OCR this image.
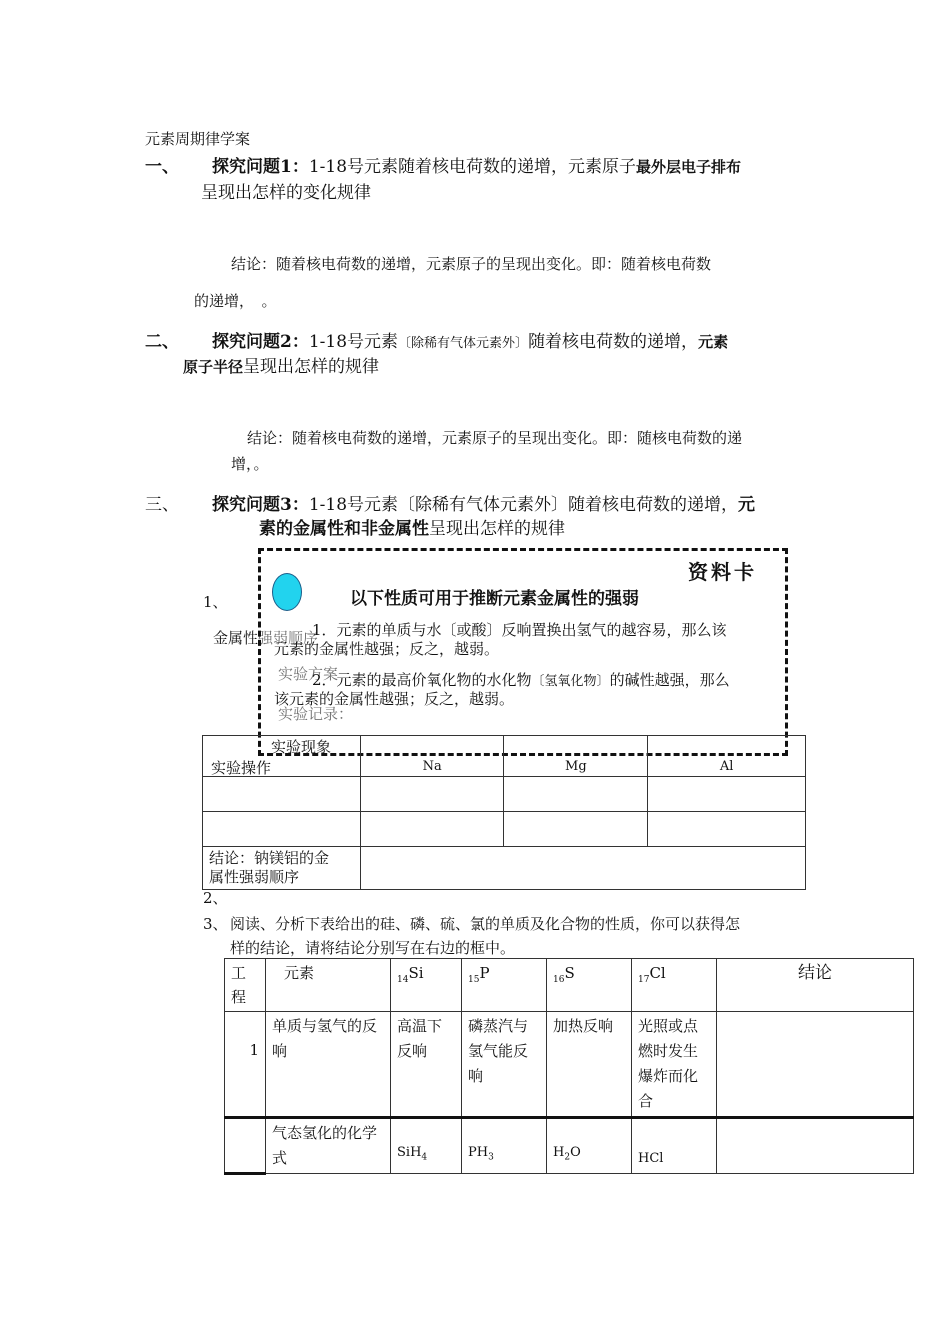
元素周期律学案
一、 探究问题1：1-18号元素随着核电荷数的递增，元素原子最外层电子排布
呈现出怎样的变化规律
结论：随着核电荷数的递增，元素原子的呈现出变化。即：随着核电荷数
的递增，　。
二、 探究问题2：1-18号元素〔除稀有气体元素外〕随着核电荷数的递增，元素
原子半径呈现出怎样的规律
结论：随着核电荷数的递增，元素原子的呈现出变化。即：随核电荷数的递
增，。
三、 探究问题3：1-18号元素〔除稀有气体元素外〕随着核电荷数的递增，元
素的金属性和非金属性呈现出怎样的规律
1、
金属性强弱顺序
实验方案
实验记录：
资料卡
以下性质可用于推断元素金属性的强弱
1．元素的单质与水〔或酸〕反响置换出氢气的越容易，那么该
元素的金属性越强；反之，越弱。
2．元素的最高价氧化物的水化物〔氢氧化物〕的碱性越强，那么
该元素的金属性越强；反之，越弱。
实验现象
实验操作	Na	Mg	Al

结论：钠镁铝的金
属性强弱顺序			
2、
3、 阅读、分析下表给出的硅、磷、硫、氯的单质及化合物的性质，你可以获得怎
样的结论，请将结论分别写在右边的框中。
工
程	元素	$_{14}$Si	$_{15}$P	$_{16}$S	$_{17}$Cl	结论
1	单质与氢气的反响	高温下反响	磷蒸汽与氢气能反响	加热反响	光照或点燃时发生爆炸而化合	
	气态氢化的化学式	SiH$_4$	$PH_3$	$H_2O$	HCl	
